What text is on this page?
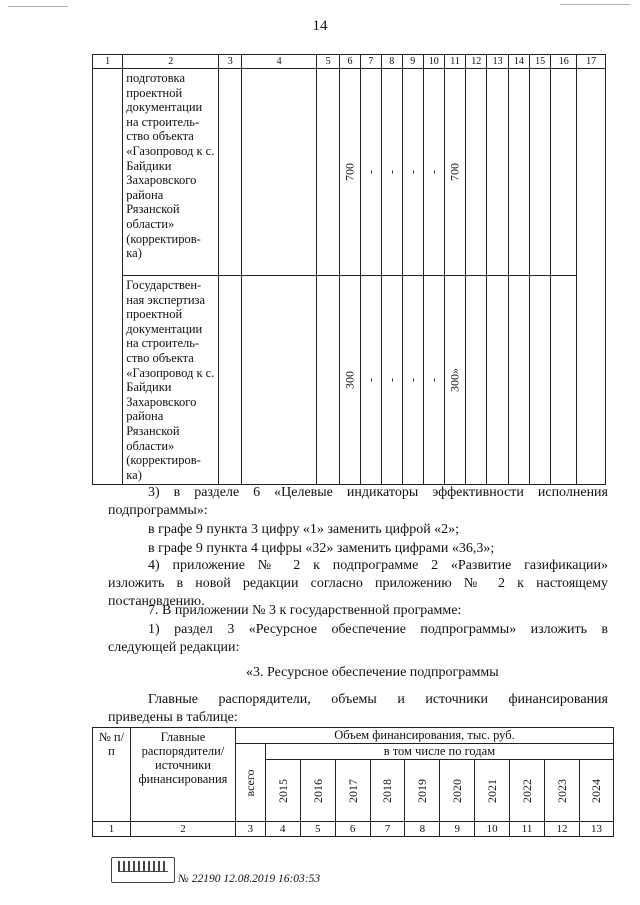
14
1	2	3	4	5	6	7	8	9	10	11	12	13	14	15	16	17
	подготовка проектной документации на строитель-ство объекта «Газопровод к с. Байдики Захаровского района Рязанской области» (корректиров-ка)				700	-	-	-	-	700						

	Государствен-ная экспертиза проектной документации на строитель-ство объекта «Газопровод к с. Байдики Захаровского района Рязанской области» (корректиров-ка)				300	-	-	-	-	300»						

3) в разделе 6 «Целевые индикаторы эффективности исполнения
подпрограммы»:
в графе 9 пункта 3 цифру «1» заменить цифрой «2»;
в графе 9 пункта 4 цифры «32» заменить цифрами «36,3»;
4) приложение № 2 к подпрограмме 2 «Развитие газификации»
изложить в новой редакции согласно приложению № 2 к настоящему
постановлению.
7. В приложении № 3 к государственной программе:
1) раздел 3 «Ресурсное обеспечение подпрограммы» изложить в
следующей редакции:
«3. Ресурсное обеспечение подпрограммы
Главные распорядители, объемы и источники финансирования
приведены в таблице:
№ п/п	Главные распорядители/ источники финансирования	Объем финансирования, тыс. руб.										

		всего	в том числе по годам									

			2015	2016	2017	2018	2019	2020	2021	2022	2023	2024

1	2	3	4	5	6	7	8	9	10	11	12	13
№ 22190 12.08.2019 16:03:53
